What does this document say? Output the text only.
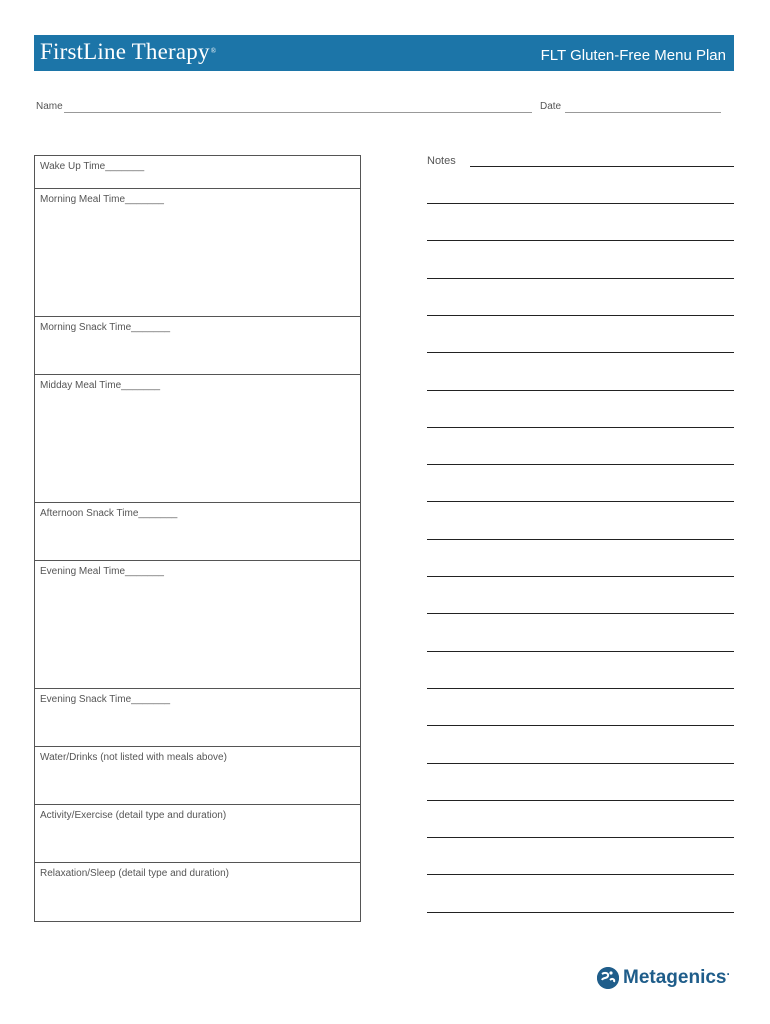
FirstLine Therapy®	FLT Gluten-Free Menu Plan
Name	Date
Wake Up Time_______
Morning Meal Time_______
Morning Snack Time_______
Midday Meal Time_______
Afternoon Snack Time_______
Evening Meal Time_______
Evening Snack Time_______
Water/Drinks (not listed with meals above)
Activity/Exercise (detail type and duration)
Relaxation/Sleep (detail type and duration)
Notes
Metagenics·
